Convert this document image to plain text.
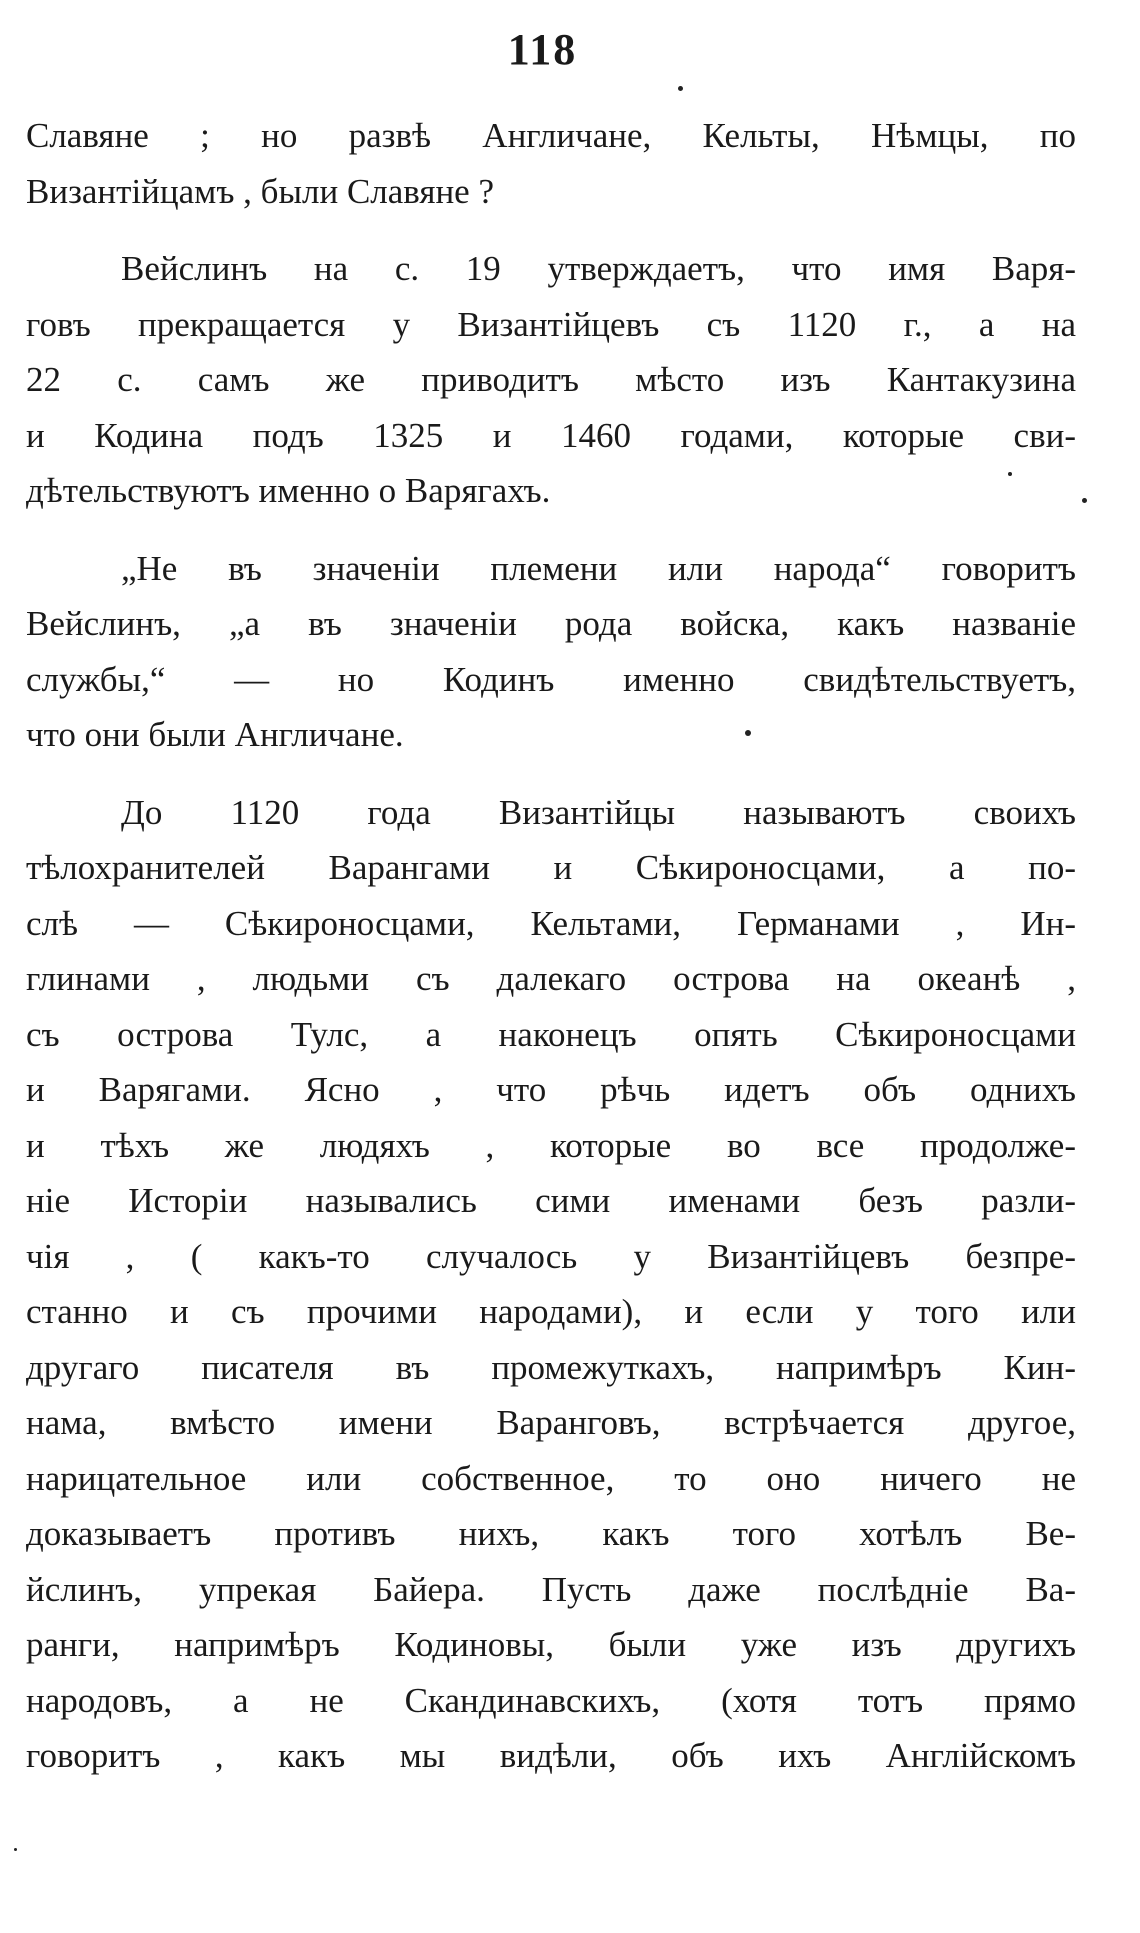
118
Славяне ; но развѣ Англичане, Кельты, Нѣмцы, по
Византійцамъ , были Славяне ?
Вейслинъ на с. 19 утверждаетъ, что имя Варя-
говъ прекращается у Византійцевъ съ 1120 г., а на
22 с. самъ же приводитъ мѣсто изъ Кантакузина
и Кодина подъ 1325 и 1460 годами, которые сви-
дѣтельствуютъ именно о Варягахъ.
„Не въ значеніи племени или народа“ говоритъ
Вейслинъ, „а въ значеніи рода войска, какъ названіе
службы,“ — но Кодинъ именно свидѣтельствуетъ,
что они были Англичане.
До 1120 года Византійцы называютъ своихъ
тѣлохранителей Варангами и Сѣкироносцами, а по-
слѣ — Сѣкироносцами, Кельтами, Германами , Ин-
глинами , людьми съ далекаго острова на океанѣ ,
съ острова Тулс, а наконецъ опять Сѣкироносцами
и Варягами. Ясно , что рѣчь идетъ объ однихъ
и тѣхъ же людяхъ , которые во все продолже-
ніе Исторіи назывались сими именами безъ разли-
чія , ( какъ-то случалось у Византійцевъ безпре-
станно и съ прочими народами), и если у того или
другаго писателя въ промежуткахъ, напримѣръ Кин-
нама, вмѣсто имени Варанговъ, встрѣчается другое,
нарицательное или собственное, то оно ничего не
доказываетъ противъ нихъ, какъ того хотѣлъ Ве-
йслинъ, упрекая Байера. Пусть даже послѣдніе Ва-
ранги, напримѣръ Кодиновы, были уже изъ другихъ
народовъ, а не Скандинавскихъ, (хотя тотъ прямо
говоритъ , какъ мы видѣли, объ ихъ Англійскомъ
